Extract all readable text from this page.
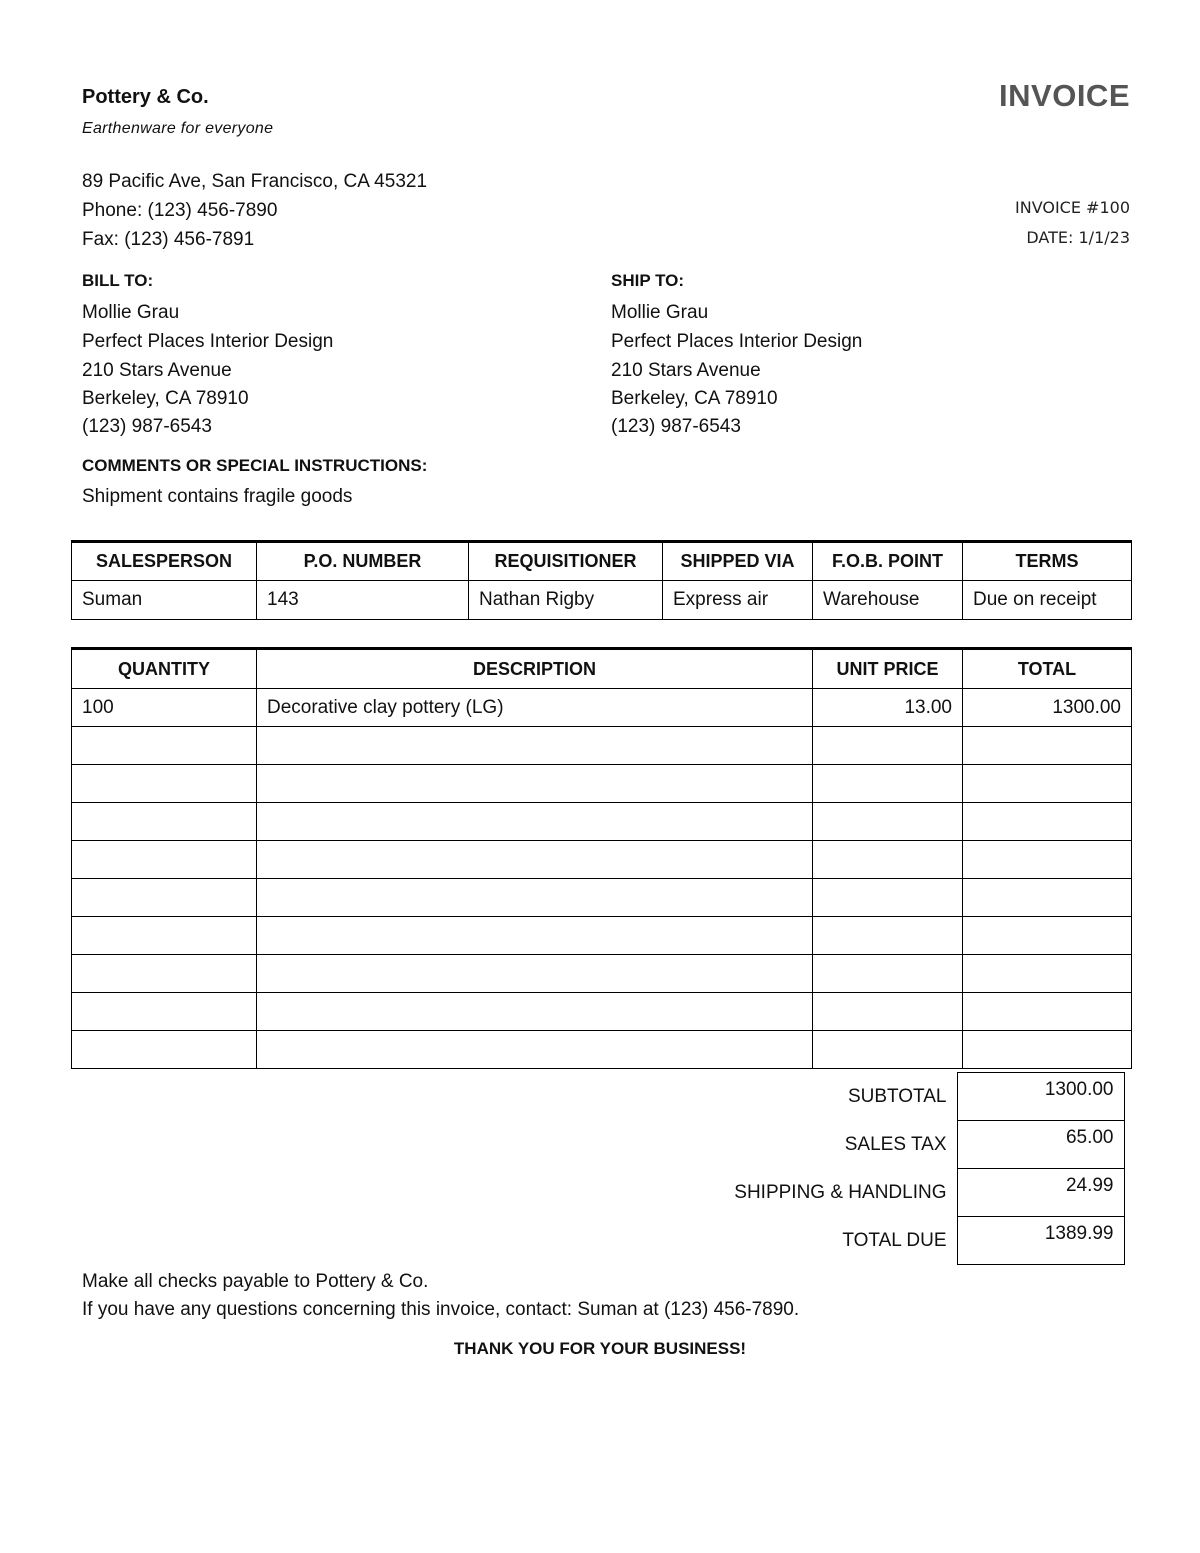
Pottery & Co.
Earthenware for everyone
89 Pacific Ave, San Francisco, CA 45321
Phone: (123) 456-7890
Fax: (123) 456-7891
INVOICE
INVOICE #100
DATE: 1/1/23
BILL TO:
Mollie Grau
Perfect Places Interior Design
210 Stars Avenue
Berkeley, CA 78910
(123) 987-6543
SHIP TO:
Mollie Grau
Perfect Places Interior Design
210 Stars Avenue
Berkeley, CA 78910
(123) 987-6543
COMMENTS OR SPECIAL INSTRUCTIONS:
Shipment contains fragile goods
SALESPERSON	P.O. NUMBER	REQUISITIONER	SHIPPED VIA	F.O.B. POINT	TERMS
Suman	143	Nathan Rigby	Express air	Warehouse	Due on receipt
QUANTITY	DESCRIPTION	UNIT PRICE	TOTAL
100	Decorative clay pottery (LG)	13.00	1300.00

SUBTOTAL	1300.00
SALES TAX	65.00
SHIPPING & HANDLING	24.99
TOTAL DUE	1389.99
Make all checks payable to Pottery & Co.
If you have any questions concerning this invoice, contact: Suman at (123) 456-7890.
THANK YOU FOR YOUR BUSINESS!
